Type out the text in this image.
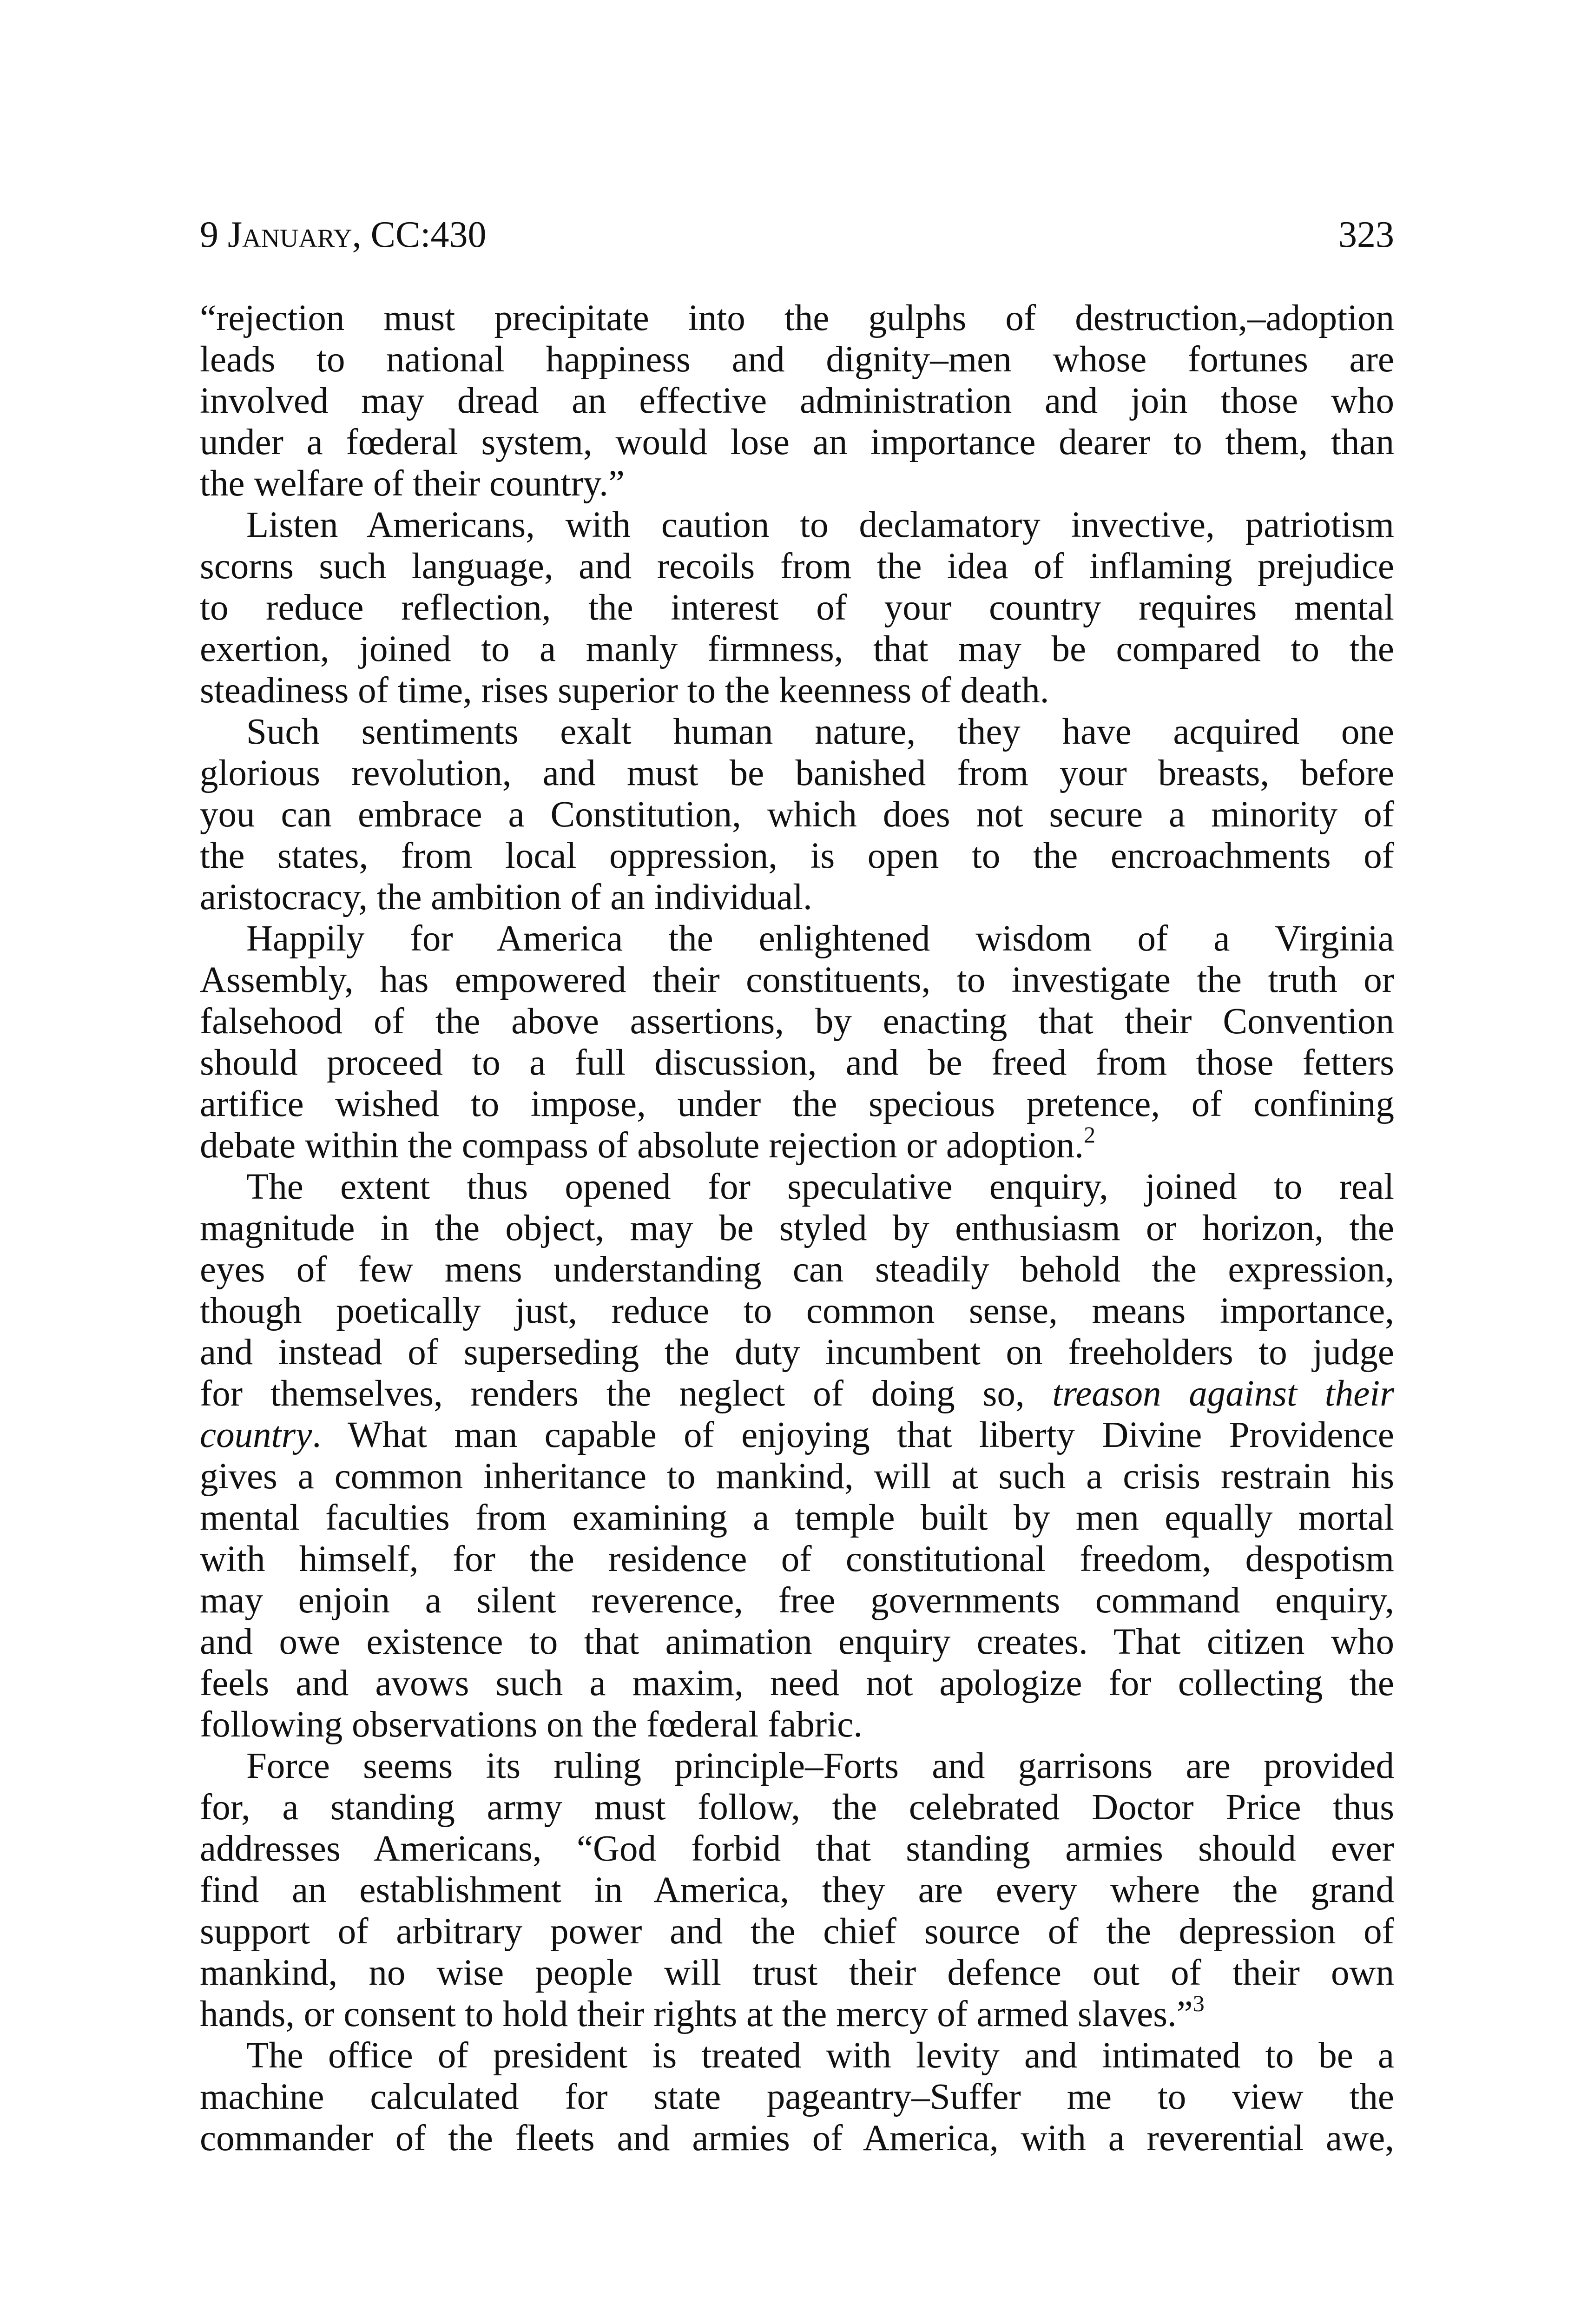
9 January, CC:430	323
“rejection must precipitate into the gulphs of destruction,–adoption
leads to national happiness and dignity–men whose fortunes are
involved may dread an effective administration and join those who
under a fœderal system, would lose an importance dearer to them, than
the welfare of their country.”
Listen Americans, with caution to declamatory invective, patriotism
scorns such language, and recoils from the idea of inflaming prejudice
to reduce reflection, the interest of your country requires mental
exertion, joined to a manly firmness, that may be compared to the
steadiness of time, rises superior to the keenness of death.
Such sentiments exalt human nature, they have acquired one
glorious revolution, and must be banished from your breasts, before
you can embrace a Constitution, which does not secure a minority of
the states, from local oppression, is open to the encroachments of
aristocracy, the ambition of an individual.
Happily for America the enlightened wisdom of a Virginia
Assembly, has empowered their constituents, to investigate the truth or
falsehood of the above assertions, by enacting that their Convention
should proceed to a full discussion, and be freed from those fetters
artifice wished to impose, under the specious pretence, of confining
debate within the compass of absolute rejection or adoption.$^2$
The extent thus opened for speculative enquiry, joined to real
magnitude in the object, may be styled by enthusiasm or horizon, the
eyes of few mens understanding can steadily behold the expression,
though poetically just, reduce to common sense, means importance,
and instead of superseding the duty incumbent on freeholders to judge
for themselves, renders the neglect of doing so, treason against their
country. What man capable of enjoying that liberty Divine Providence
gives a common inheritance to mankind, will at such a crisis restrain his
mental faculties from examining a temple built by men equally mortal
with himself, for the residence of constitutional freedom, despotism
may enjoin a silent reverence, free governments command enquiry,
and owe existence to that animation enquiry creates. That citizen who
feels and avows such a maxim, need not apologize for collecting the
following observations on the fœderal fabric.
Force seems its ruling principle–Forts and garrisons are provided
for, a standing army must follow, the celebrated Doctor Price thus
addresses Americans, “God forbid that standing armies should ever
find an establishment in America, they are every where the grand
support of arbitrary power and the chief source of the depression of
mankind, no wise people will trust their defence out of their own
hands, or consent to hold their rights at the mercy of armed slaves.”$^3$
The office of president is treated with levity and intimated to be a
machine calculated for state pageantry–Suffer me to view the
commander of the fleets and armies of America, with a reverential awe,
